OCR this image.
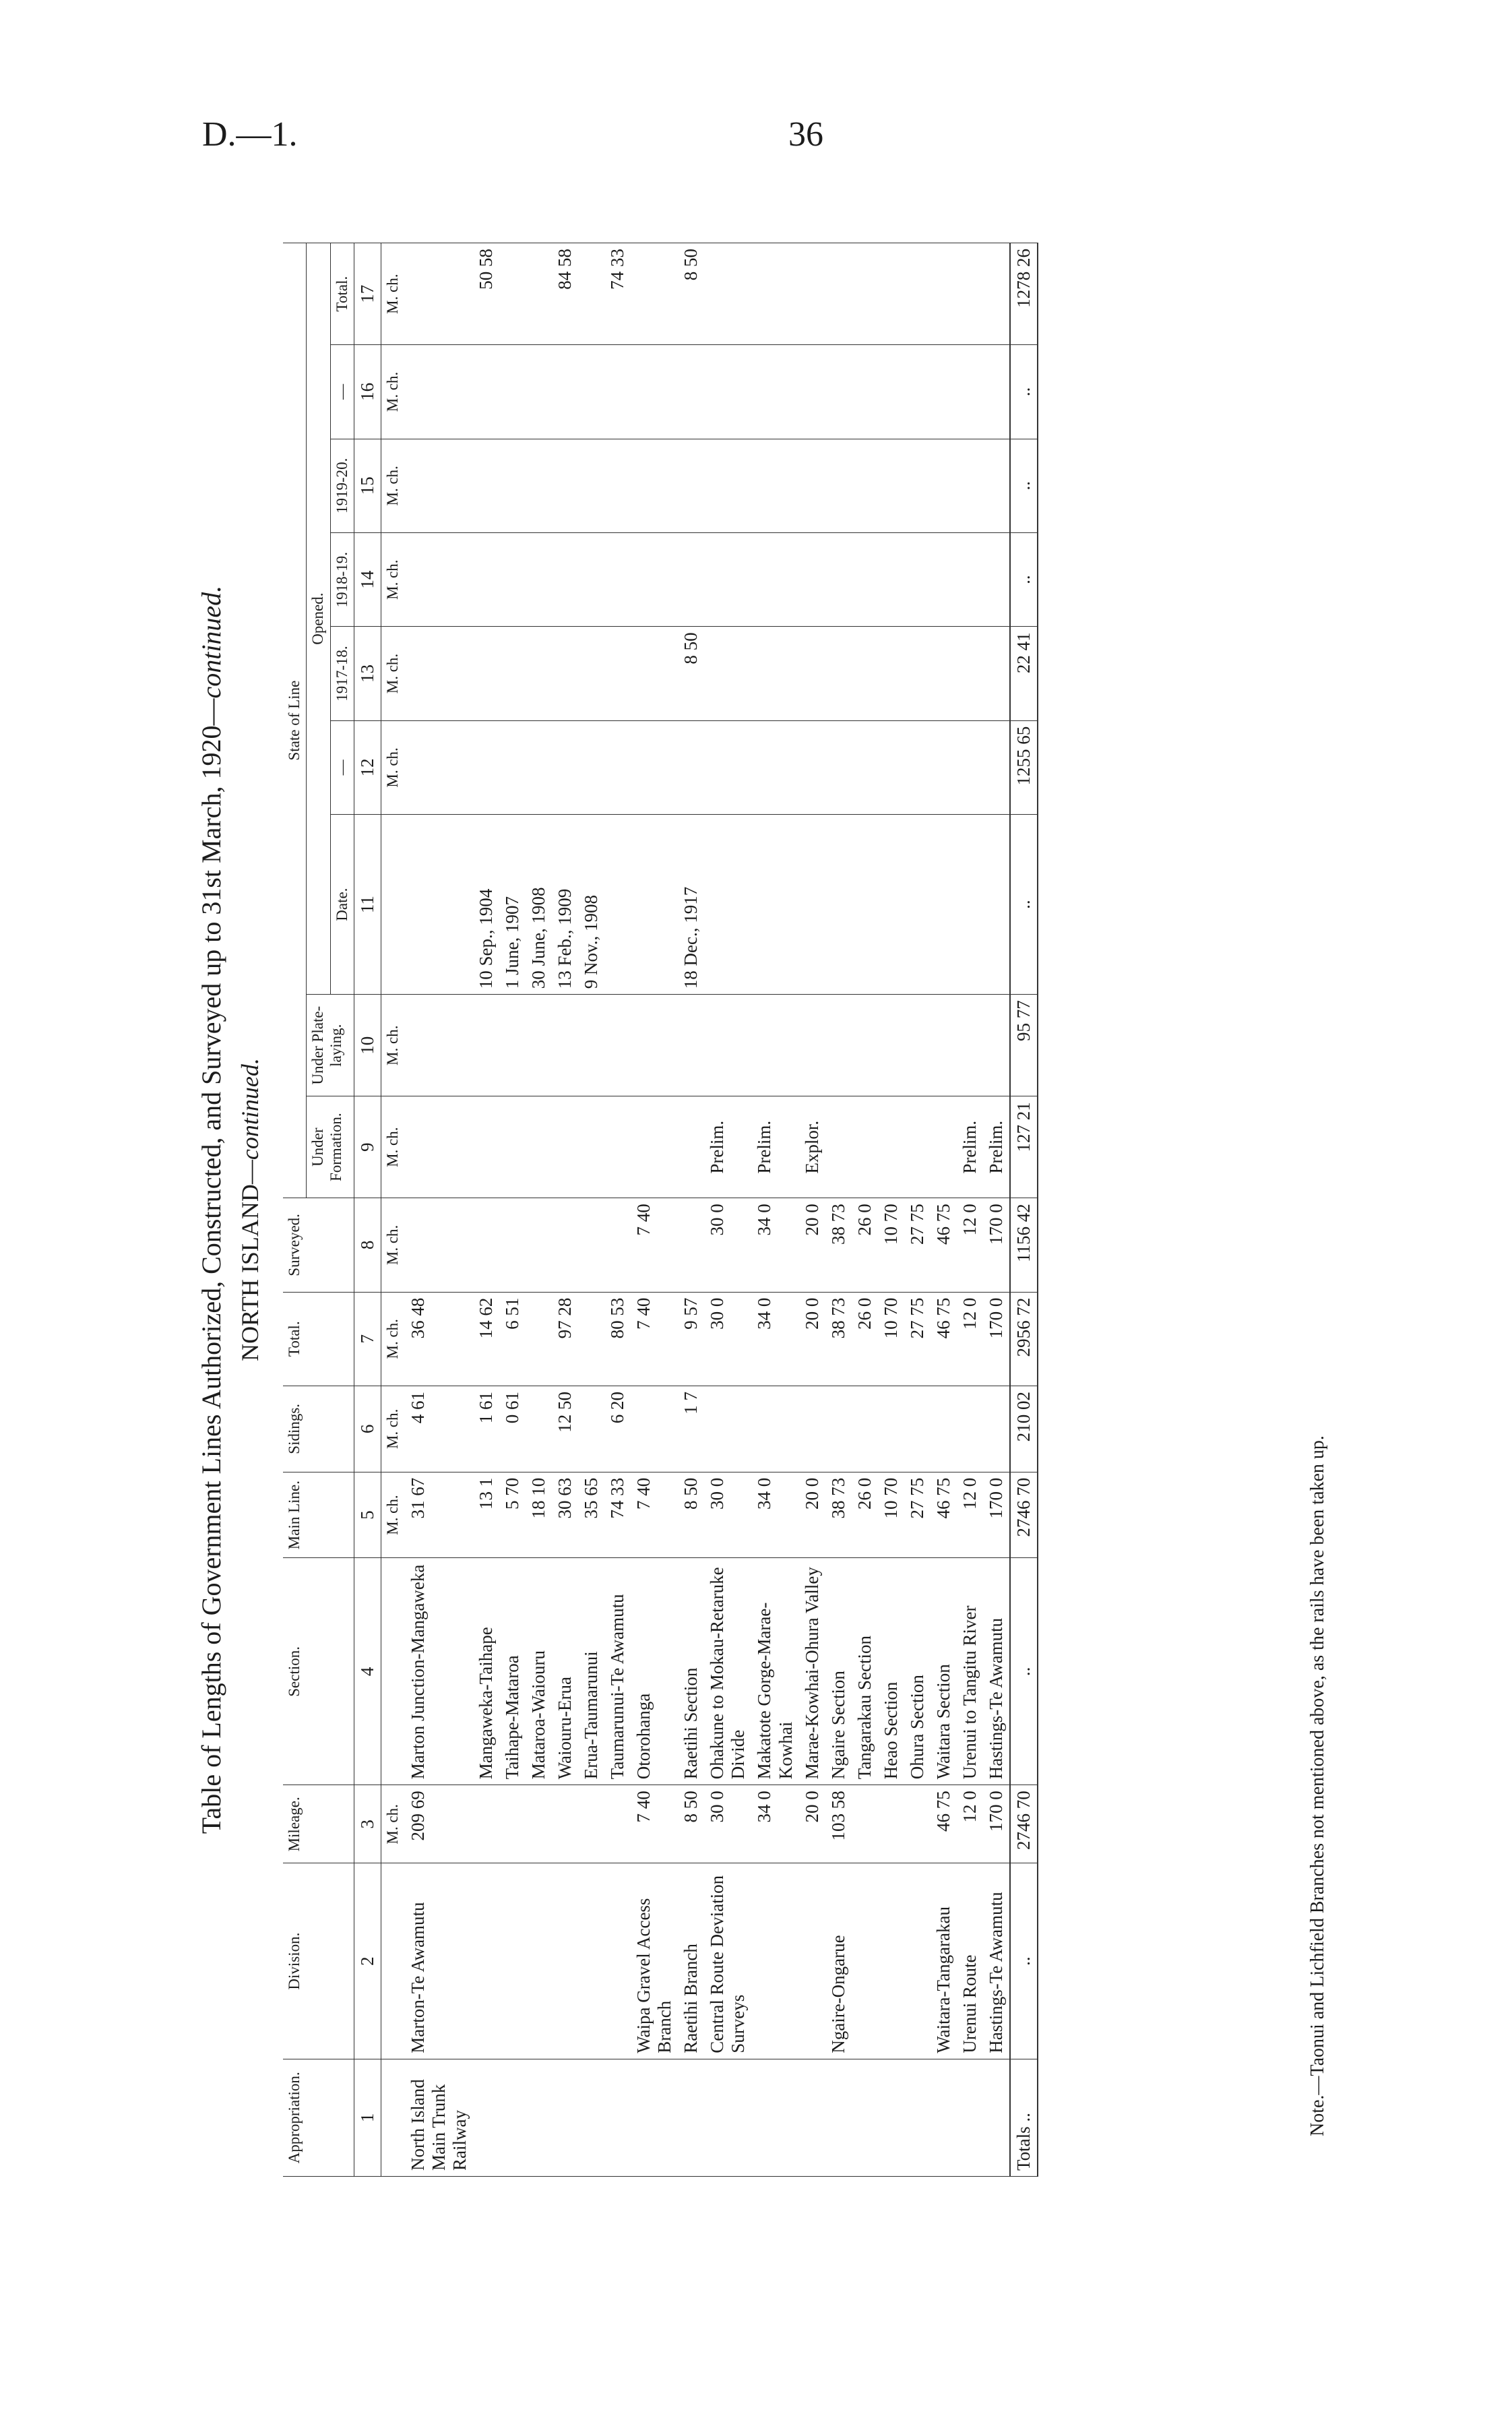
D.—1.	36
Table of Lengths of Government Lines Authorized, Constructed, and Surveyed up to 31st March, 1920—continued.
NORTH ISLAND—continued.
Appropriation.	Division.	Mileage.	Section.	Main Line.	Sidings.	Total.	Surveyed.	State of Line								
								Under Formation.	Under Plate-laying.	Opened.						
										Date.	—	1917-18.	1918-19.	1919-20.	—	Total.
1	2	3	4	5	6	7	8	9	10	11	12	13	14	15	16	17
		M. ch.		M. ch.	M. ch.	M. ch.	M. ch.	M. ch.	M. ch.		M. ch.	M. ch.	M. ch.	M. ch.	M. ch.	M. ch.
North Island Main Trunk Railway	Marton-Te Awamutu	209 69	Marton Junction-Mangaweka	31 67	4 61	36 48										
			Mangaweka-Taihape	13 1	1 61	14 62				10 Sep., 1904						50 58
			Taihape-Mataroa	5 70	0 61	6 51				1 June, 1907						
			Mataroa-Waiouru	18 10						30 June, 1908						
			Waiouru-Erua	30 63	12 50	97 28				13 Feb., 1909						84 58
			Erua-Taumarunui	35 65						9 Nov., 1908						
			Taumarunui-Te Awamutu	74 33	6 20	80 53										74 33
	Waipa Gravel Access Branch	7 40	Otorohanga	7 40		7 40	7 40									
	Raetihi Branch	8 50	Raetihi Section	8 50	1 7	9 57				18 Dec., 1917		8 50				8 50
	Central Route Deviation Surveys	30 0	Ohakune to Mokau-Retaruke Divide	30 0		30 0	30 0	Prelim.								
		34 0	Makatote Gorge-Marae-Kowhai	34 0		34 0	34 0	Prelim.								
		20 0	Marae-Kowhai-Ohura Valley	20 0		20 0	20 0	Explor.								
	Ngaire-Ongarue	103 58	Ngaire Section	38 73		38 73	38 73									
			Tangarakau Section	26 0		26 0	26 0									
			Heao Section	10 70		10 70	10 70									
			Ohura Section	27 75		27 75	27 75									
	Waitara-Tangarakau	46 75	Waitara Section	46 75		46 75	46 75									
	Urenui Route	12 0	Urenui to Tangitu River	12 0		12 0	12 0	Prelim.								
	Hastings-Te Awamutu	170 0	Hastings-Te Awamutu	170 0		170 0	170 0	Prelim.								
Totals ..	..	2746 70	..	2746 70	210 02	2956 72	1156 42	127 21	95 77	..	1255 65	22 41	..	..	..	1278 26
Note.—Taonui and Lichfield Branches not mentioned above, as the rails have been taken up.
